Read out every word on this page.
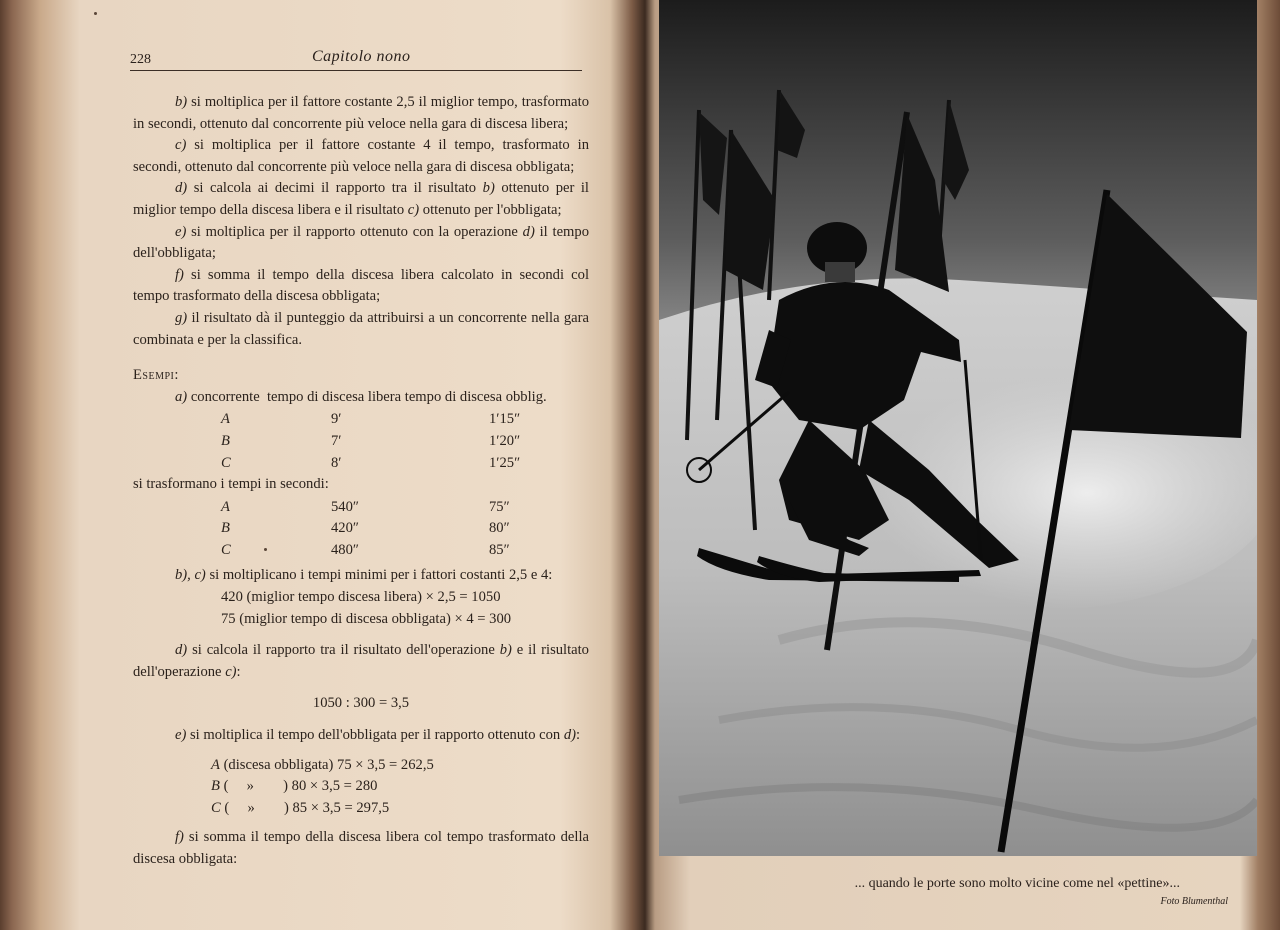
228	Capitolo nono

b) si moltiplica per il fattore costante 2,5 il miglior tempo, trasformato in secondi, ottenuto dal concorrente più veloce nella gara di discesa libera;

c) si moltiplica per il fattore costante 4 il tempo, trasformato in secondi, ottenuto dal concorrente più veloce nella gara di discesa obbligata;

d) si calcola ai decimi il rapporto tra il risultato b) ottenuto per il miglior tempo della discesa libera e il risultato c) ottenuto per l'obbligata;

e) si moltiplica per il rapporto ottenuto con la operazione d) il tempo dell'obbligata;

f) si somma il tempo della discesa libera calcolato in secondi col tempo trasformato della discesa obbligata;

g) il risultato dà il punteggio da attribuirsi a un concorrente nella gara combinata e per la classifica.

Esempi:

a) concorrente  tempo di discesa libera tempo di discesa obblig.

A	9′	1′15″
B	7′	1′20″
C	8′	1′25″

si trasformano i tempi in secondi:

A	540″	75″
B	420″	80″
C	480″	85″

b), c) si moltiplicano i tempi minimi per i fattori costanti 2,5 e 4:

420 (miglior tempo discesa libera) × 2,5 = 1050

75 (miglior tempo di discesa obbligata) × 4 = 300

d) si calcola il rapporto tra il risultato dell'operazione b) e il risultato dell'operazione c):

1050 : 300 = 3,5

e) si moltiplica il tempo dell'obbligata per il rapporto ottenuto con d):

A (discesa obbligata) 75 × 3,5 = 262,5
B (     »        ) 80 × 3,5 = 280
C (     »        ) 85 × 3,5 = 297,5

f) si somma il tempo della discesa libera col tempo trasformato della discesa obbligata:

... quando le porte sono molto vicine come nel «pettine»...
Foto Blumenthal
